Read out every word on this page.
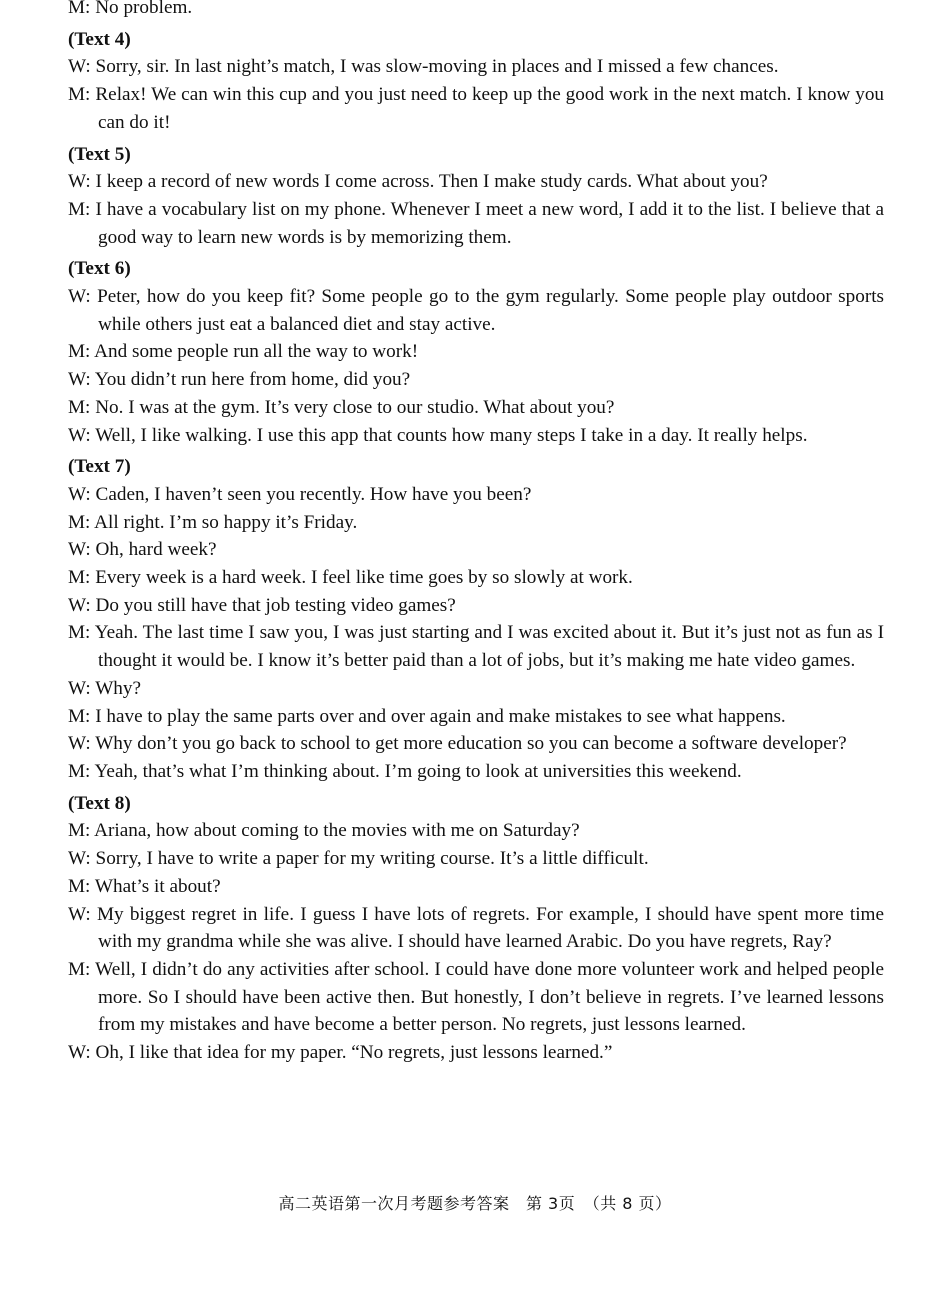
M: No problem.

(Text 4)

W: Sorry, sir. In last night’s match, I was slow-moving in places and I missed a few chances.

M: Relax! We can win this cup and you just need to keep up the good work in the next match. I know you can do it!

(Text 5)

W: I keep a record of new words I come across. Then I make study cards. What about you?

M: I have a vocabulary list on my phone. Whenever I meet a new word, I add it to the list. I believe that a good way to learn new words is by memorizing them.

(Text 6)

W: Peter, how do you keep fit? Some people go to the gym regularly. Some people play outdoor sports while others just eat a balanced diet and stay active.

M: And some people run all the way to work!

W: You didn’t run here from home, did you?

M: No. I was at the gym. It’s very close to our studio. What about you?

W: Well, I like walking. I use this app that counts how many steps I take in a day. It really helps.

(Text 7)

W: Caden, I haven’t seen you recently. How have you been?

M: All right. I’m so happy it’s Friday.

W: Oh, hard week?

M: Every week is a hard week. I feel like time goes by so slowly at work.

W: Do you still have that job testing video games?

M: Yeah. The last time I saw you, I was just starting and I was excited about it. But it’s just not as fun as I thought it would be. I know it’s better paid than a lot of jobs, but it’s making me hate video games.

W: Why?

M: I have to play the same parts over and over again and make mistakes to see what happens.

W: Why don’t you go back to school to get more education so you can become a software developer?

M: Yeah, that’s what I’m thinking about. I’m going to look at universities this weekend.

(Text 8)

M: Ariana, how about coming to the movies with me on Saturday?

W: Sorry, I have to write a paper for my writing course. It’s a little difficult.

M: What’s it about?

W: My biggest regret in life. I guess I have lots of regrets. For example, I should have spent more time with my grandma while she was alive. I should have learned Arabic. Do you have regrets, Ray?

M: Well, I didn’t do any activities after school. I could have done more volunteer work and helped people more. So I should have been active then. But honestly, I don’t believe in regrets. I’ve learned lessons from my mistakes and have become a better person. No regrets, just lessons learned.

W: Oh, I like that idea for my paper. “No regrets, just lessons learned.”

高二英语第一次月考题参考答案　第 3页　（共 8 页）
